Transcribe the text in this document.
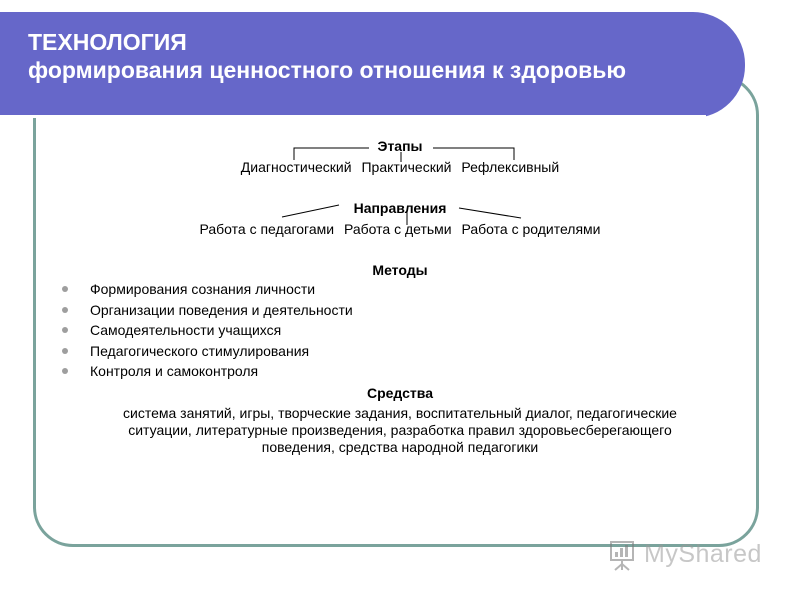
ТЕХНОЛОГИЯ
формирования ценностного отношения к здоровью
Этапы
Диагностический Практический Рефлексивный
Направления
Работа с педагогами Работа с детьми Работа с родителями
Методы
Формирования сознания личности
Организации поведения и деятельности
Самодеятельности учащихся
Педагогического стимулирования
Контроля и самоконтроля
Средства
система занятий, игры, творческие задания, воспитательный диалог, педагогические ситуации, литературные произведения, разработка правил здоровьесберегающего поведения, средства народной педагогики
MyShared
